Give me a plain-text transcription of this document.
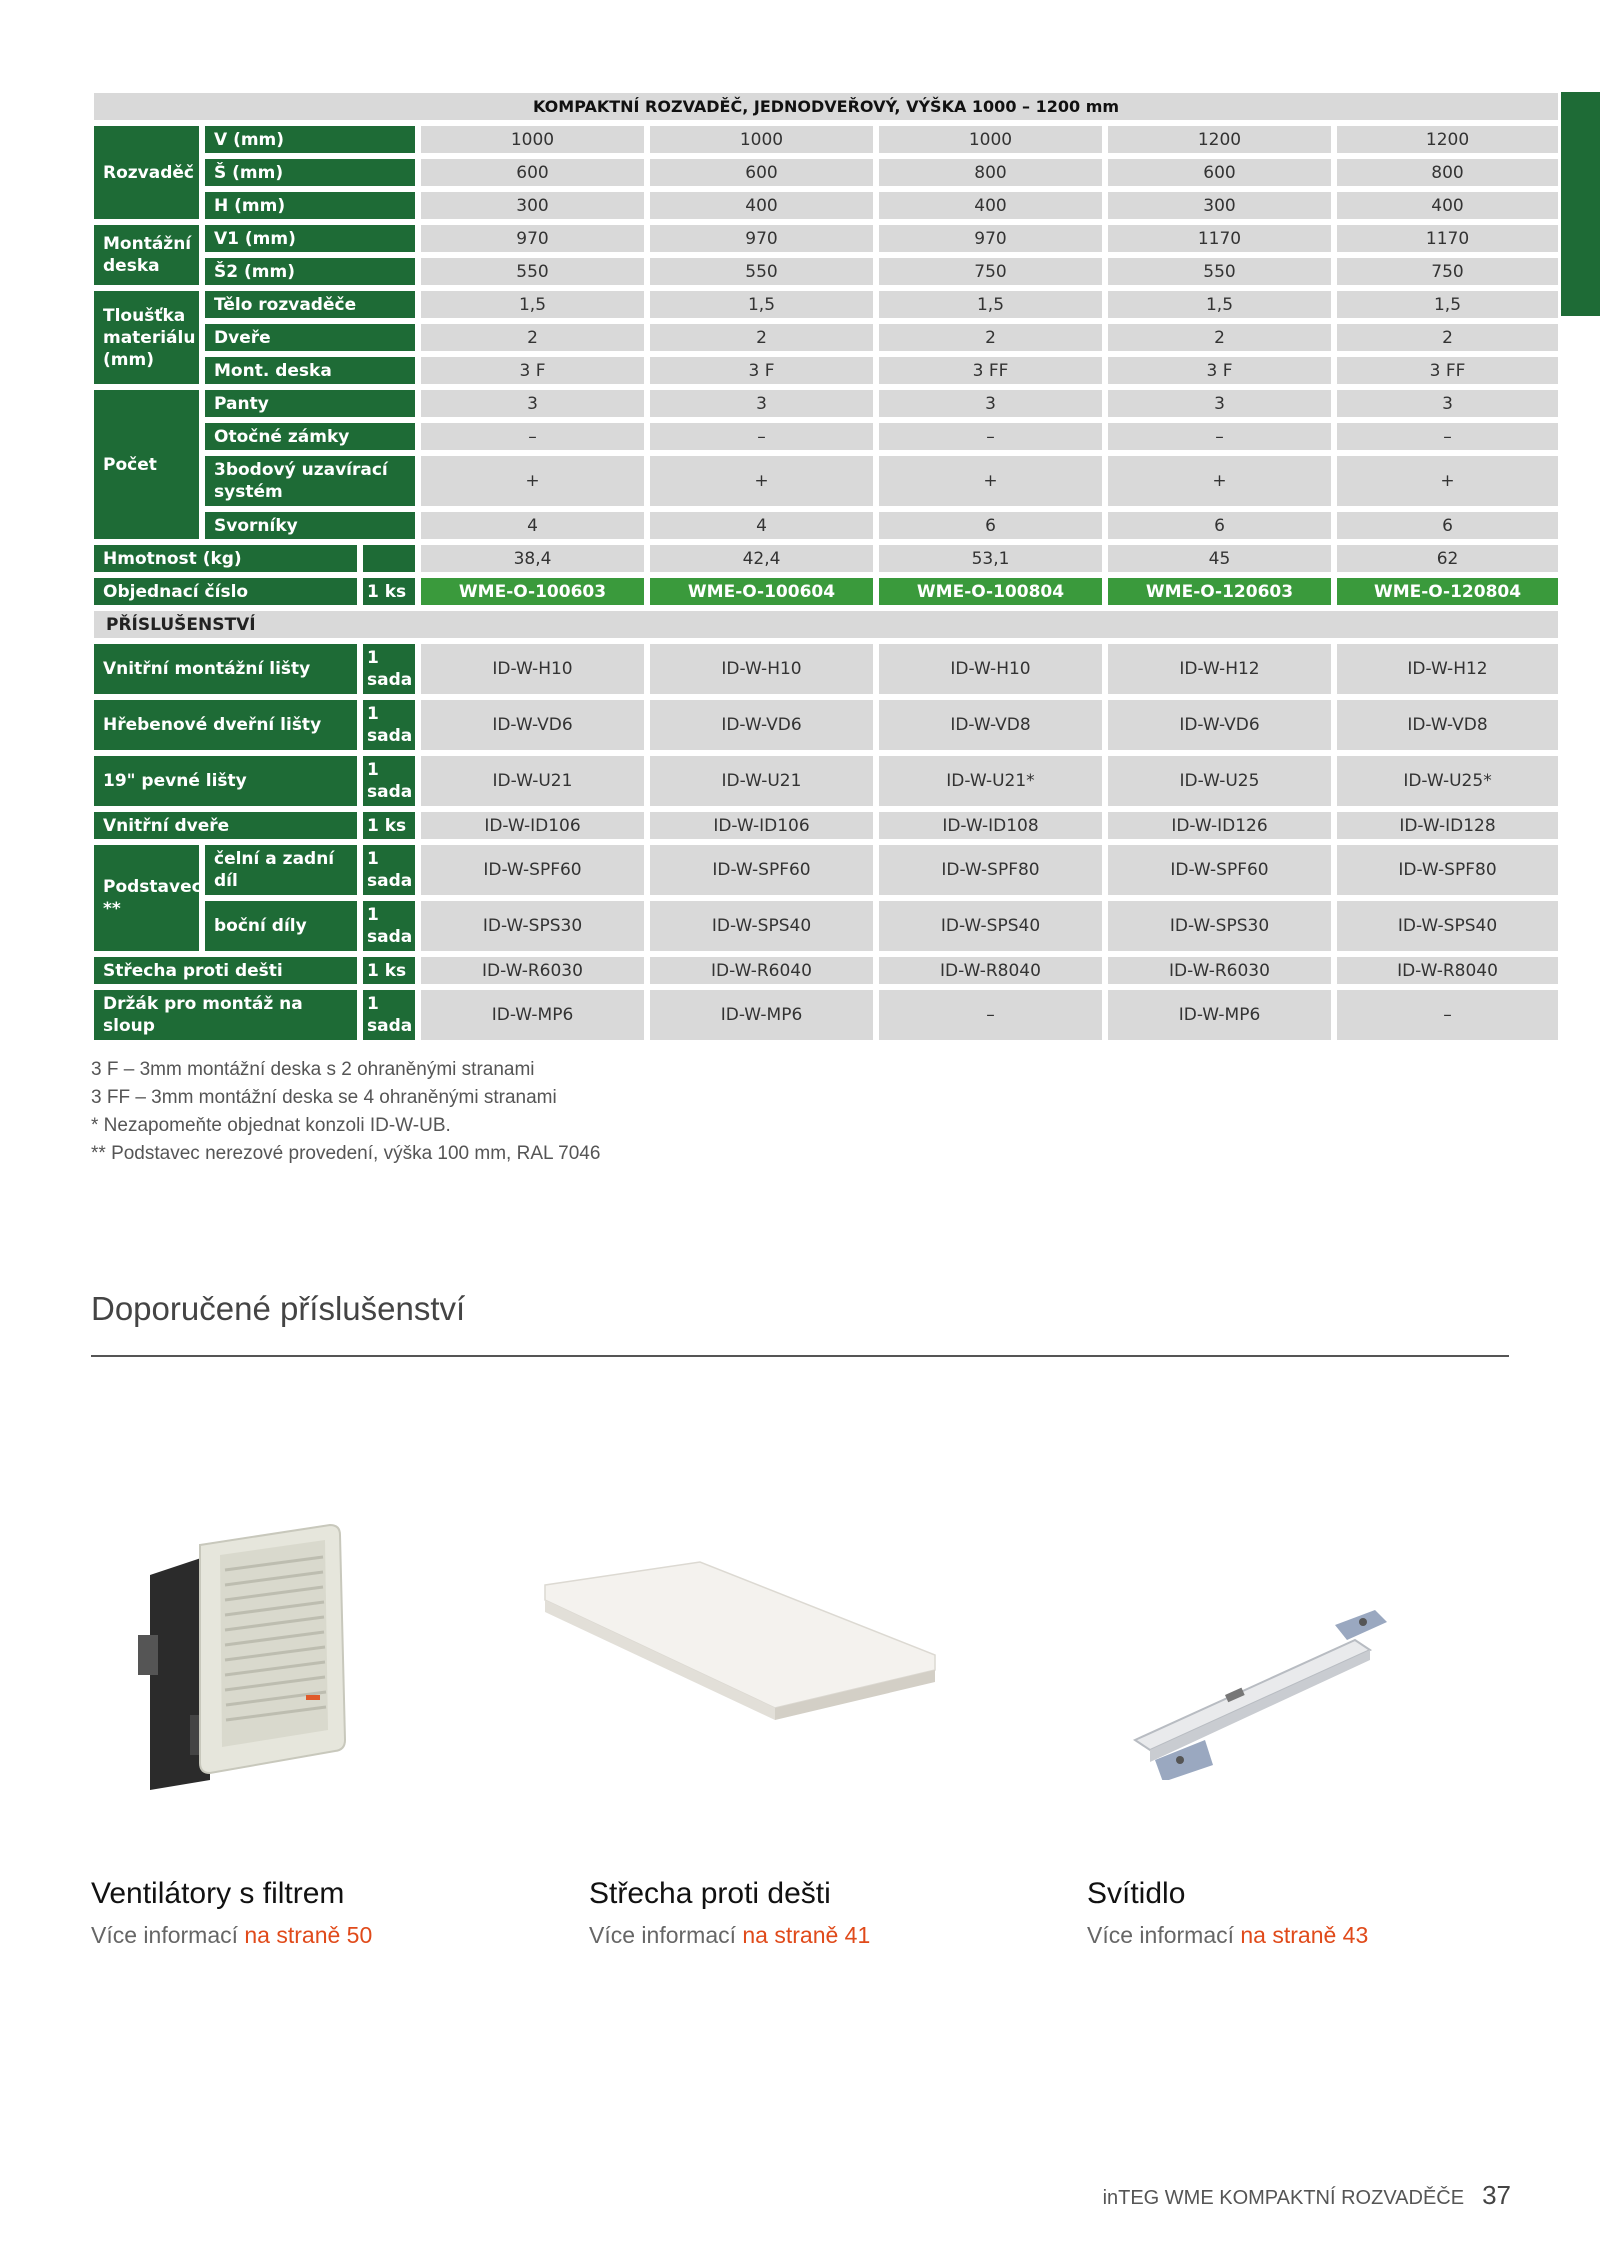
KOMPAKTNÍ ROZVADĚČ, JEDNODVEŘOVÝ, VÝŠKA 1000 – 1200 mm							
Rozvaděč	V (mm)		1000	1000	1000	1200	1200
	Š (mm)		600	600	800	600	800
	H (mm)		300	400	400	300	400
Montážní deska	V1 (mm)		970	970	970	1170	1170
	Š2 (mm)		550	550	750	550	750
Tloušťka materiálu (mm)	Tělo rozvaděče		1,5	1,5	1,5	1,5	1,5
	Dveře		2	2	2	2	2
	Mont. deska		3 F	3 F	3 FF	3 F	3 FF
Počet	Panty		3	3	3	3	3
	Otočné zámky		–	–	–	–	–
	3bodový uzavírací systém		+	+	+	+	+
	Svorníky		4	4	6	6	6
Hmotnost (kg)			38,4	42,4	53,1	45	62
Objednací číslo		1 ks	WME-O-100603	WME-O-100604	WME-O-100804	WME-O-120603	WME-O-120804
PŘÍSLUŠENSTVÍ							
Vnitřní montážní lišty		1 sada	ID-W-H10	ID-W-H10	ID-W-H10	ID-W-H12	ID-W-H12
Hřebenové dveřní lišty		1 sada	ID-W-VD6	ID-W-VD6	ID-W-VD8	ID-W-VD6	ID-W-VD8
19" pevné lišty		1 sada	ID-W-U21	ID-W-U21	ID-W-U21*	ID-W-U25	ID-W-U25*
Vnitřní dveře		1 ks	ID-W-ID106	ID-W-ID106	ID-W-ID108	ID-W-ID126	ID-W-ID128
Podstavec **	čelní a zadní díl	1 sada	ID-W-SPF60	ID-W-SPF60	ID-W-SPF80	ID-W-SPF60	ID-W-SPF80
	boční díly	1 sada	ID-W-SPS30	ID-W-SPS40	ID-W-SPS40	ID-W-SPS30	ID-W-SPS40
Střecha proti dešti		1 ks	ID-W-R6030	ID-W-R6040	ID-W-R8040	ID-W-R6030	ID-W-R8040
Držák pro montáž na sloup		1 sada	ID-W-MP6	ID-W-MP6	–	ID-W-MP6	–
3 F – 3mm montážní deska s 2 ohraněnými stranami
3 FF – 3mm montážní deska se 4 ohraněnými stranami
* Nezapomeňte objednat konzoli ID-W-UB.
** Podstavec nerezové provedení, výška 100 mm, RAL 7046
Doporučené příslušenství
Ventilátory s filtrem
Více informací na straně 50
Střecha proti dešti
Více informací na straně 41
Svítidlo
Více informací na straně 43
inTEG WME KOMPAKTNÍ ROZVADĚČE 37
